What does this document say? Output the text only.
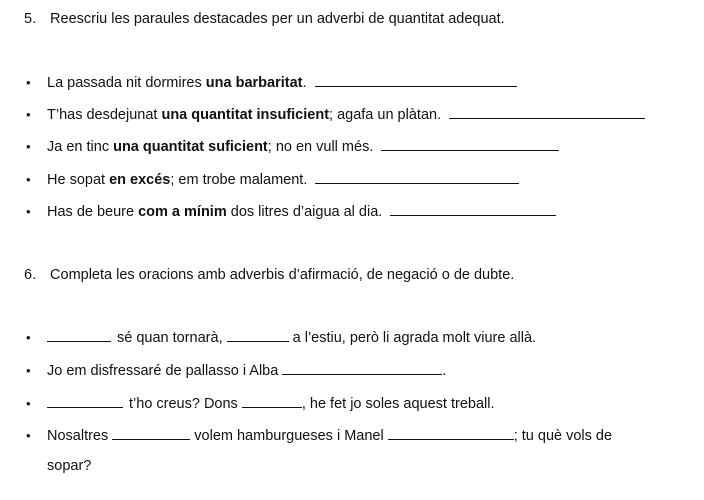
5. Reescriu les paraules destacades per un adverbi de quantitat adequat.
• La passada nit dormires una barbaritat.
• T’has desdejunat una quantitat insuficient; agafa un plàtan.
• Ja en tinc una quantitat suficient; no en vull més.
• He sopat en excés; em trobe malament.
• Has de beure com a mínim dos litres d’aigua al dia.
6. Completa les oracions amb adverbis d’afirmació, de negació o de dubte.
•	sé quan tornarà,	a l’estiu, però li agrada molt viure allà.
• Jo em disfressaré de pallasso i Alba	.
•	t’ho creus? Dons	, he fet jo soles aquest treball.
• Nosaltres	volem hamburgueses i Manel	; tu què vols de
sopar?
